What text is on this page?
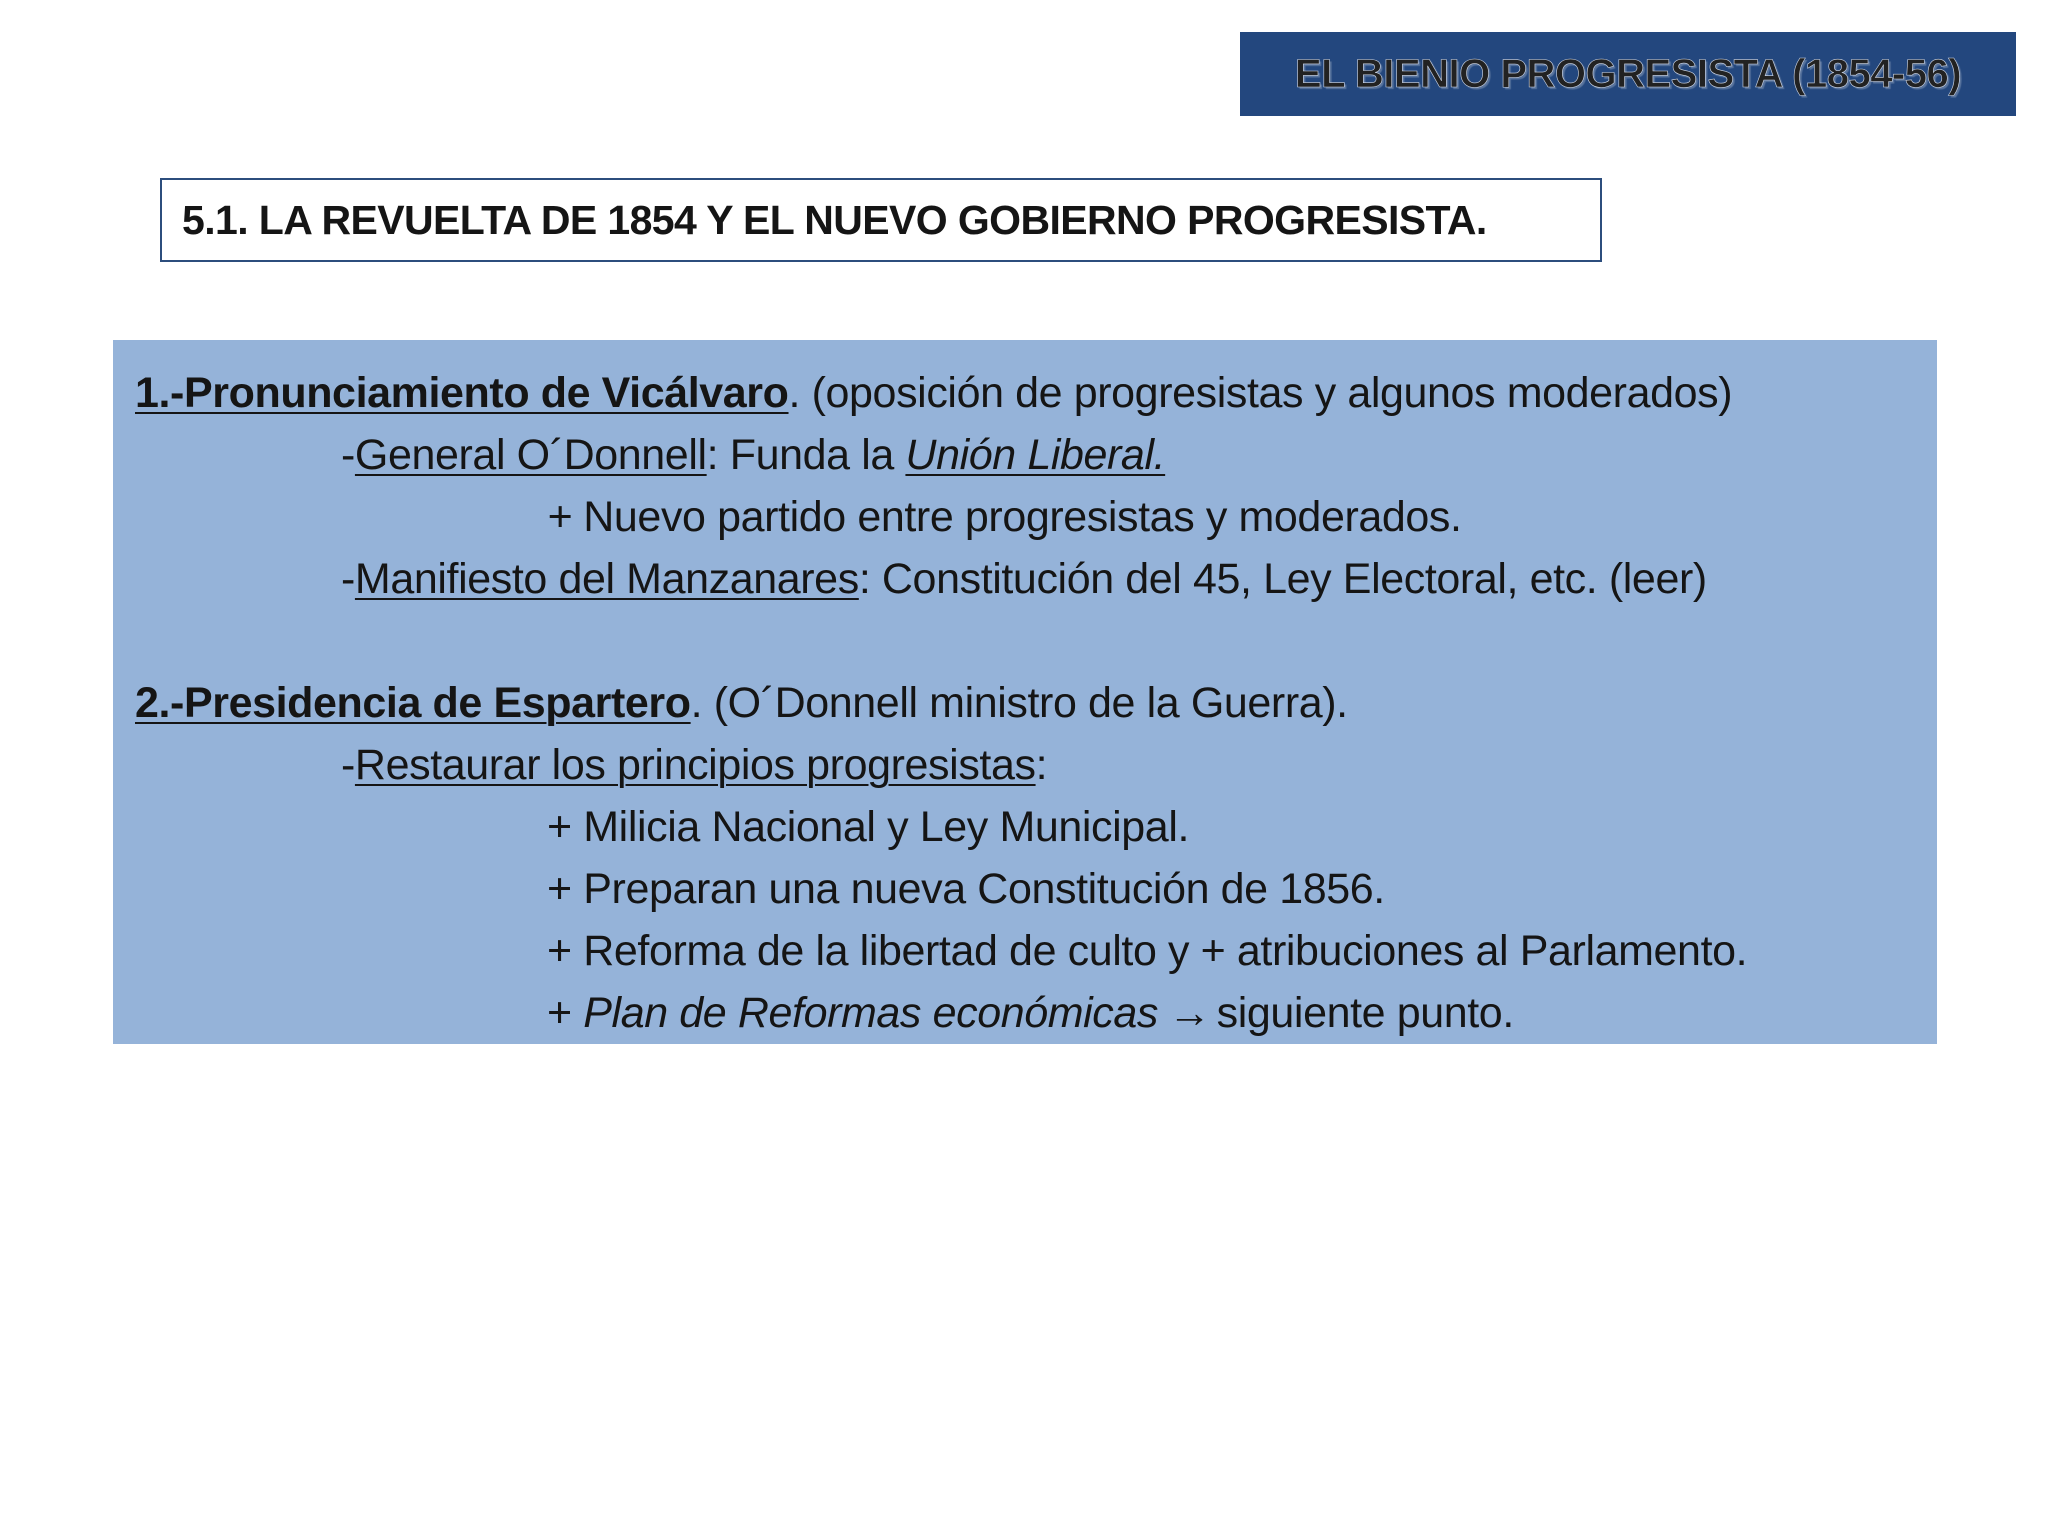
EL BIENIO PROGRESISTA (1854-56)
5.1. LA REVUELTA DE 1854 Y EL NUEVO GOBIERNO PROGRESISTA.
1.-Pronunciamiento de Vicálvaro. (oposición de progresistas y algunos moderados)
-General O´Donnell: Funda la Unión Liberal.
+ Nuevo partido entre progresistas y moderados.
-Manifiesto del Manzanares: Constitución del 45, Ley Electoral, etc. (leer)
2.-Presidencia de Espartero. (O´Donnell ministro de la Guerra).
-Restaurar los principios progresistas:
+ Milicia Nacional y Ley Municipal.
+ Preparan una nueva Constitución de 1856.
+ Reforma de la libertad de culto y + atribuciones al Parlamento.
+ Plan de Reformas económicas → siguiente punto.
